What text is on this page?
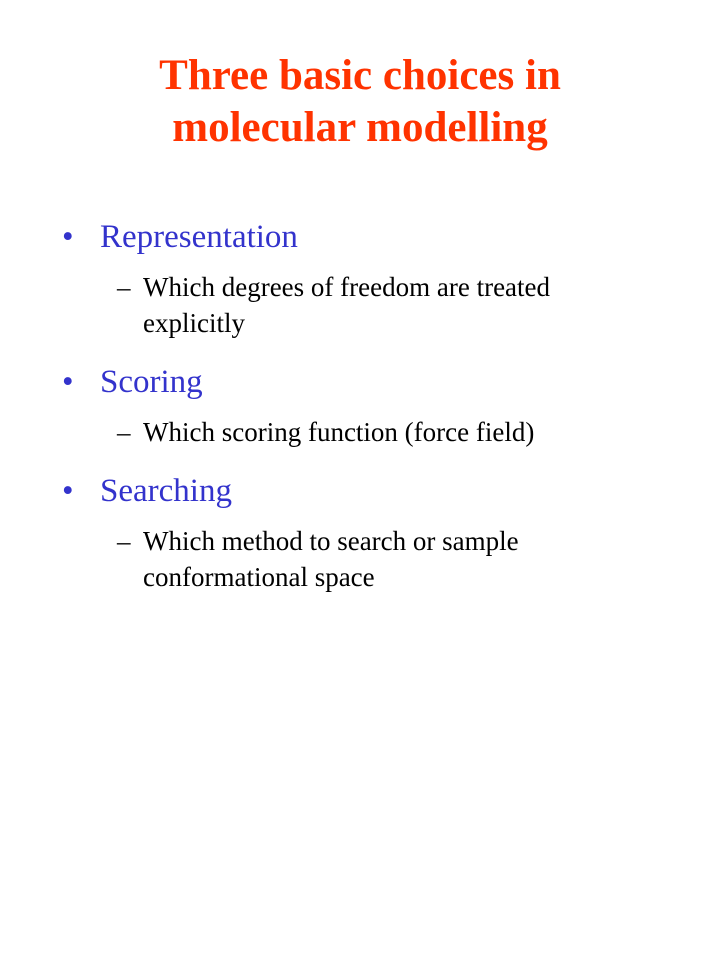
Three basic choices in
molecular modelling
• Representation
– Which degrees of freedom are treated explicitly
• Scoring
– Which scoring function (force field)
• Searching
– Which method to search or sample conformational space
